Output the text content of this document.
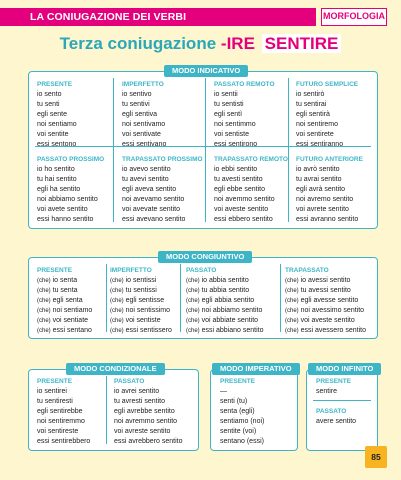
LA CONIUGAZIONE DEI VERBI	MORFOLOGIA
Terza coniugazione -IRE SENTIRE
MODO INDICATIVO
MODO CONGIUNTIVO
MODO CONDIZIONALE	MODO IMPERATIVO	MODO INFINITO
85
PRESENTE
io sento
tu senti
egli sente
noi sentiamo
voi sentite
essi sentono
IMPERFETTO
io sentivo
tu sentivi
egli sentiva
noi sentivamo
voi sentivate
essi sentivano
PASSATO REMOTO
io sentii
tu sentisti
egli sentì
noi sentimmo
voi sentiste
essi sentirono
FUTURO SEMPLICE
io sentirò
tu sentirai
egli sentirà
noi sentiremo
voi sentirete
essi sentiranno
PASSATO PROSSIMO
io ho sentito
tu hai sentito
egli ha sentito
noi abbiamo sentito
voi avete sentito
essi hanno sentito
TRAPASSATO PROSSIMO
io avevo sentito
tu avevi sentito
egli aveva sentito
noi avevamo sentito
voi avevate sentito
essi avevano sentito
TRAPASSATO REMOTO
io ebbi sentito
tu avesti sentito
egli ebbe sentito
noi avemmo sentito
voi aveste sentito
essi ebbero sentito
FUTURO ANTERIORE
io avrò sentito
tu avrai sentito
egli avrà sentito
noi avremo sentito
voi avrete sentito
essi avranno sentito
PRESENTE
(che) io senta
(che) tu senta
(che) egli senta
(che) noi sentiamo
(che) voi sentiate
(che) essi sentano
IMPERFETTO
(che) io sentissi
(che) tu sentissi
(che) egli sentisse
(che) noi sentissimo
(che) voi sentiste
(che) essi sentissero
PASSATO
(che) io abbia sentito
(che) tu abbia sentito
(che) egli abbia sentito
(che) noi abbiamo sentito
(che) voi abbiate sentito
(che) essi abbiano sentito
TRAPASSATO
(che) io avessi sentito
(che) tu avessi sentito
(che) egli avesse sentito
(che) noi avessimo sentito
(che) voi aveste sentito
(che) essi avessero sentito
PRESENTE
io sentirei
tu sentiresti
egli sentirebbe
noi sentiremmo
voi sentireste
essi sentirebbero
PASSATO
io avrei sentito
tu avresti sentito
egli avrebbe sentito
noi avremmo sentito
voi avreste sentito
essi avrebbero sentito
PRESENTE
—
senti (tu)
senta (egli)
sentiamo (noi)
sentite (voi)
sentano (essi)
PRESENTE
sentire
PASSATO
avere sentito
